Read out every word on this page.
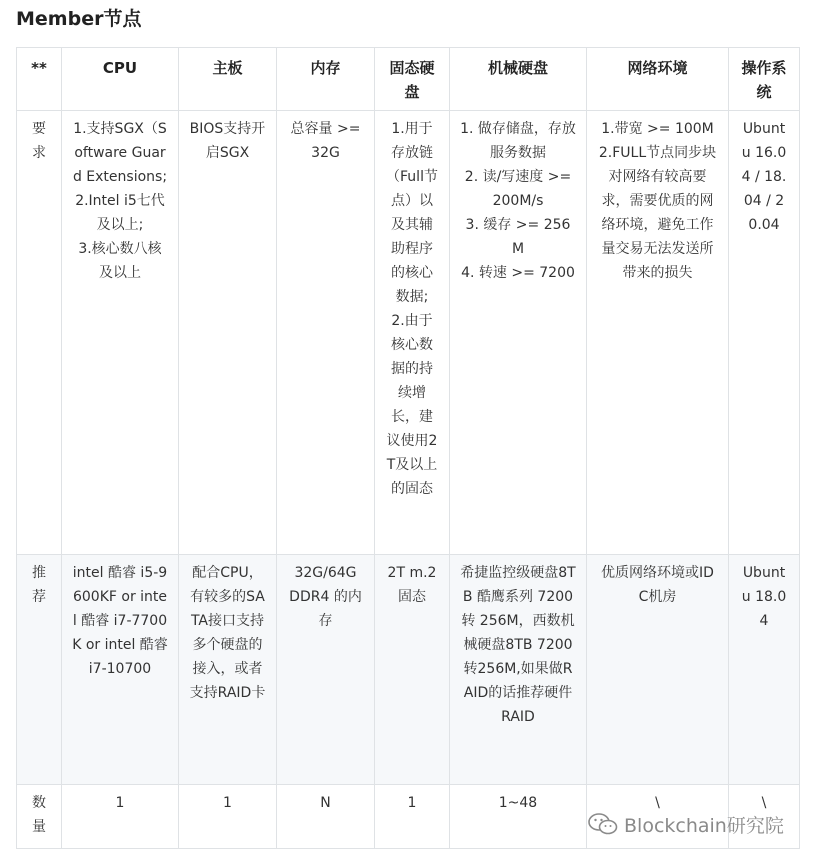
Member节点
**	CPU	主板	内存	固态硬盘	机械硬盘	网络环境	操作系统
要求	1.支持SGX（Software Guard Extensions;
2.Intel i5七代及以上;
3.核心数八核及以上	BIOS支持开启SGX	总容量 >= 32G	1.用于存放链（Full节点）以及其辅助程序的核心数据;
2.由于核心数据的持续增长，建议使用2T及以上的固态	1. 做存储盘，存放服务数据
2. 读/写速度 >= 200M/s
3. 缓存 >= 256M
4. 转速 >= 7200	1.带宽 >= 100M
2.FULL节点同步块对网络有较高要求，需要优质的网络环境，避免工作量交易无法发送所带来的损失	Ubuntu 16.04 / 18.04 / 20.04

推荐	intel 酷睿 i5-9600KF or intel 酷睿 i7-7700K or intel 酷睿 i7-10700	配合CPU，有较多的SATA接口支持多个硬盘的接入，或者支持RAID卡	32G/64G DDR4 的内存	2T m.2固态	希捷监控级硬盘8TB 酷鹰系列 7200转 256M，西数机械硬盘8TB 7200转256M,如果做RAID的话推荐硬件RAID	优质网络环境或IDC机房	Ubuntu 18.04

数量	1	1	N	1	1~48	\	\
Blockchain研究院
